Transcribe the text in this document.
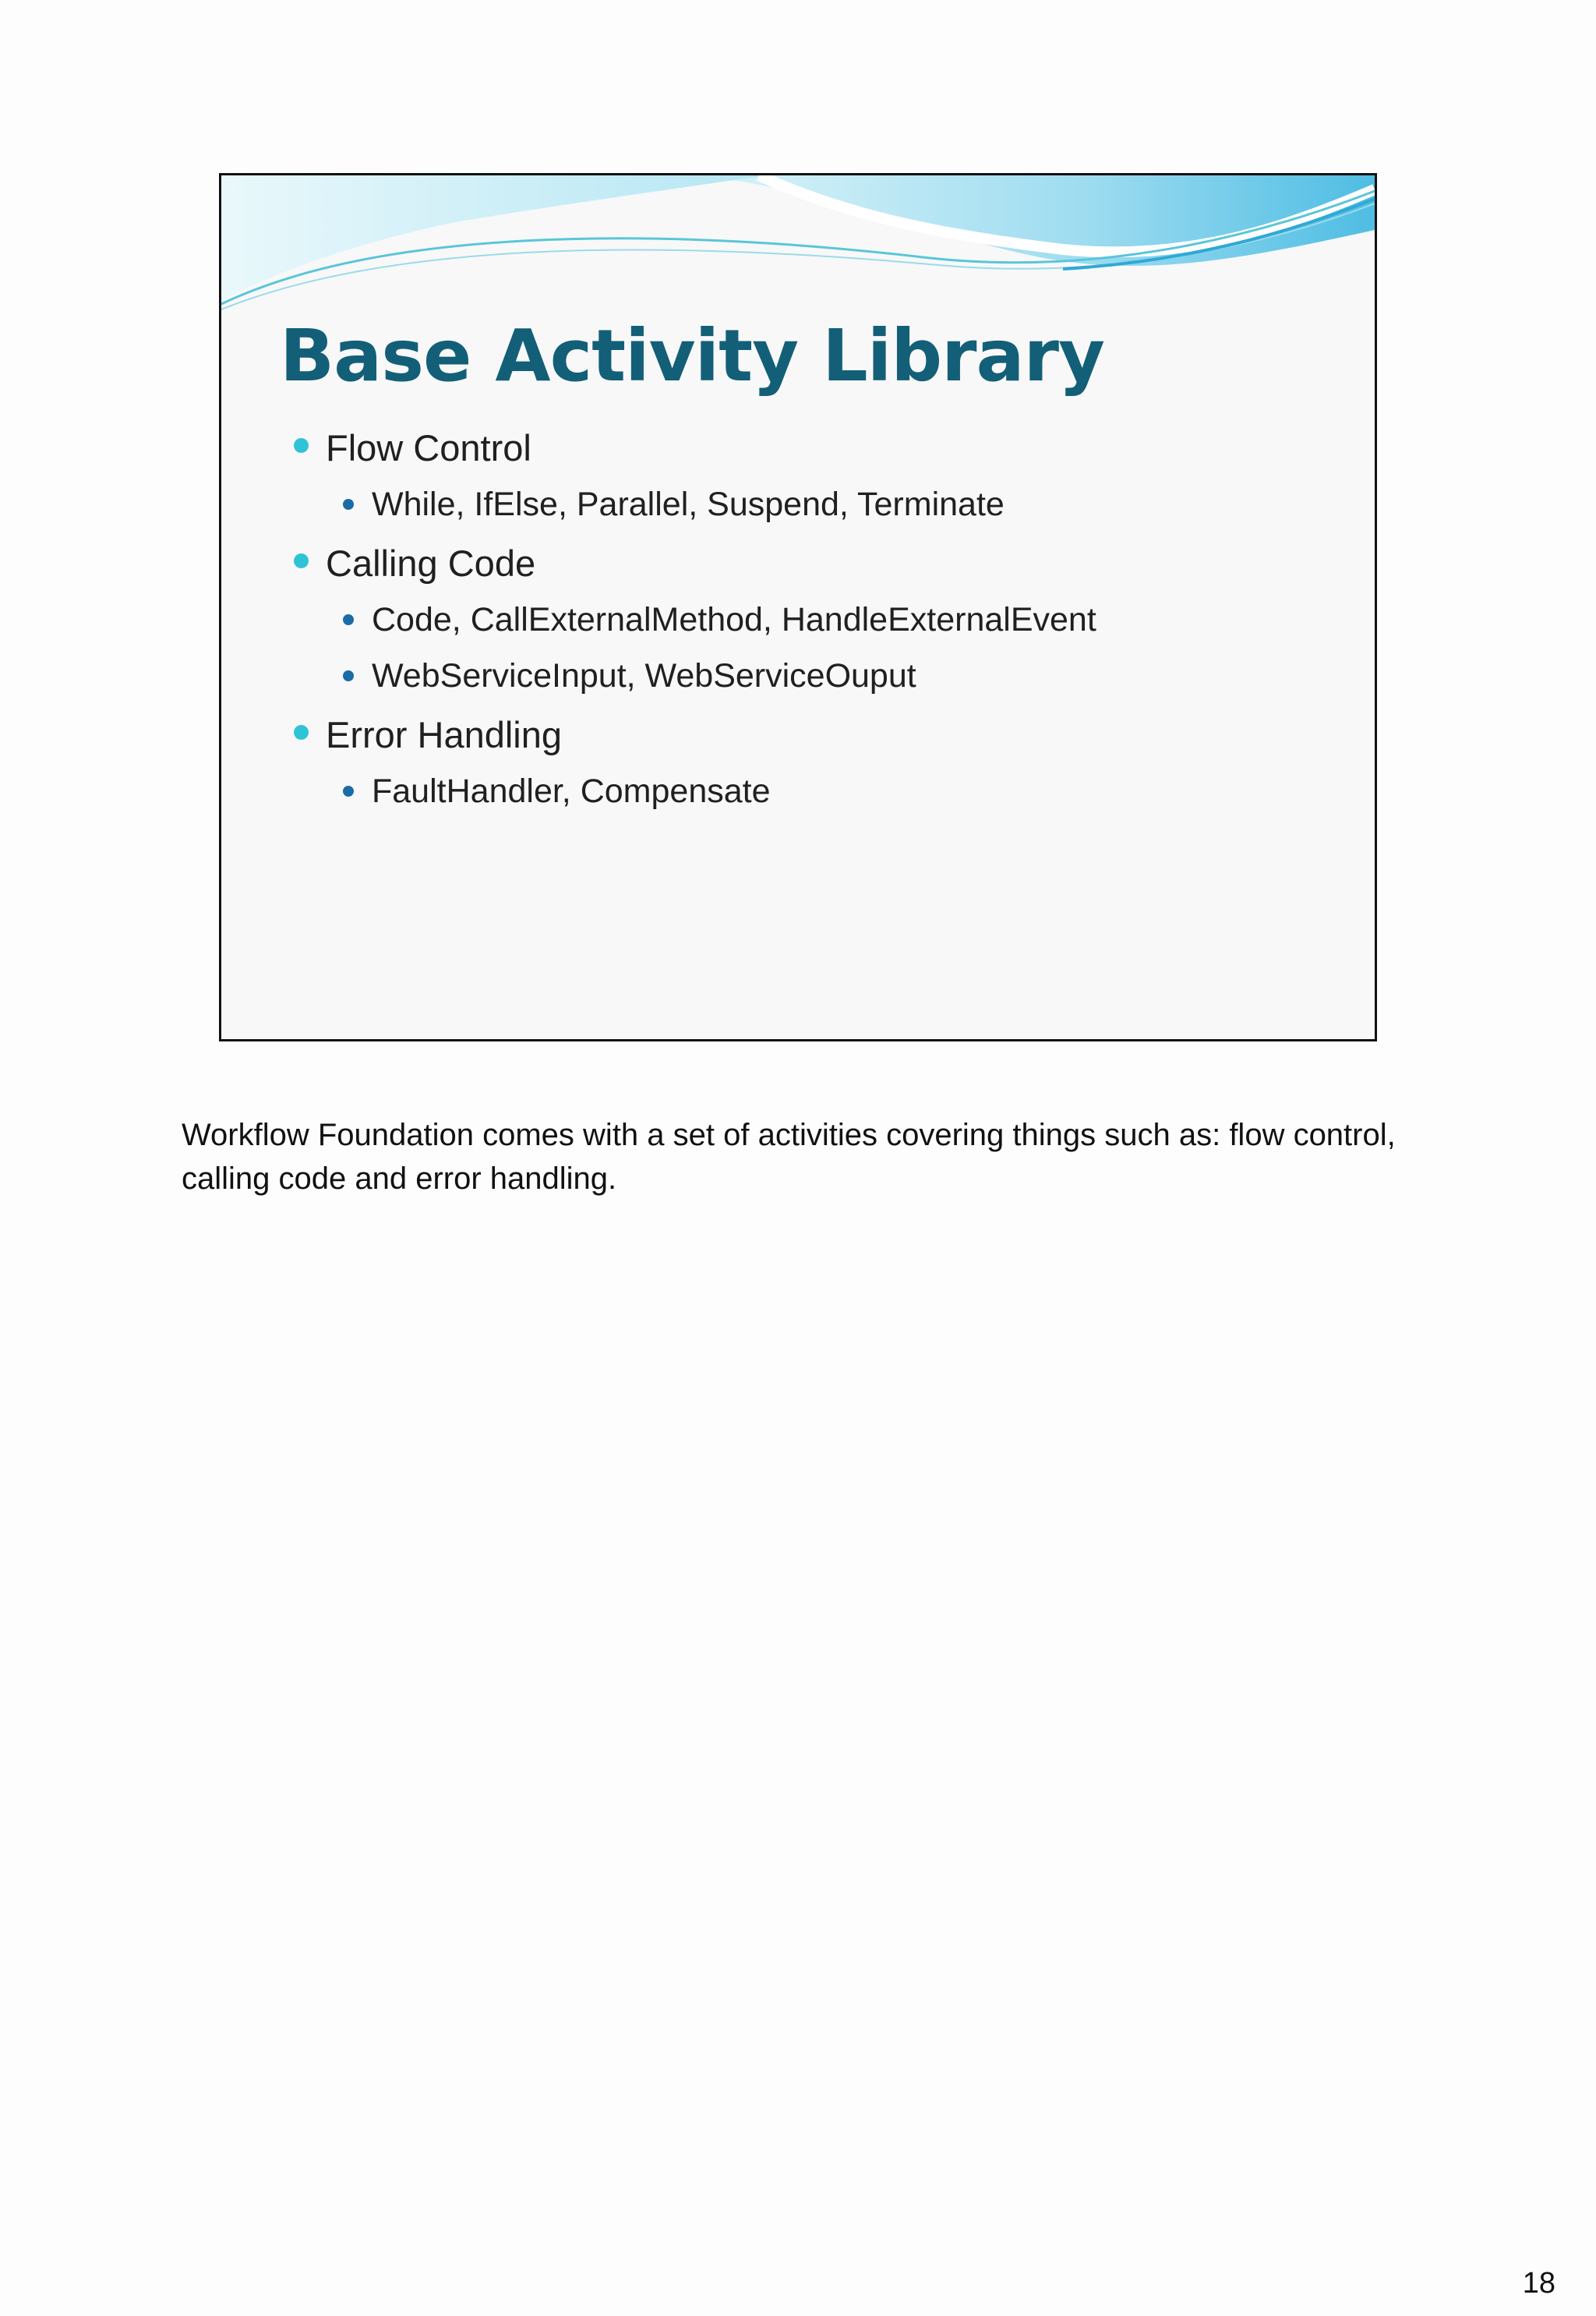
Base Activity Library
Flow Control
While, IfElse, Parallel, Suspend, Terminate
Calling Code
Code, CallExternalMethod, HandleExternalEvent
WebServiceInput, WebServiceOuput
Error Handling
FaultHandler, Compensate

Workflow Foundation comes with a set of activities covering things such as: flow control, calling code and error handling.

18
